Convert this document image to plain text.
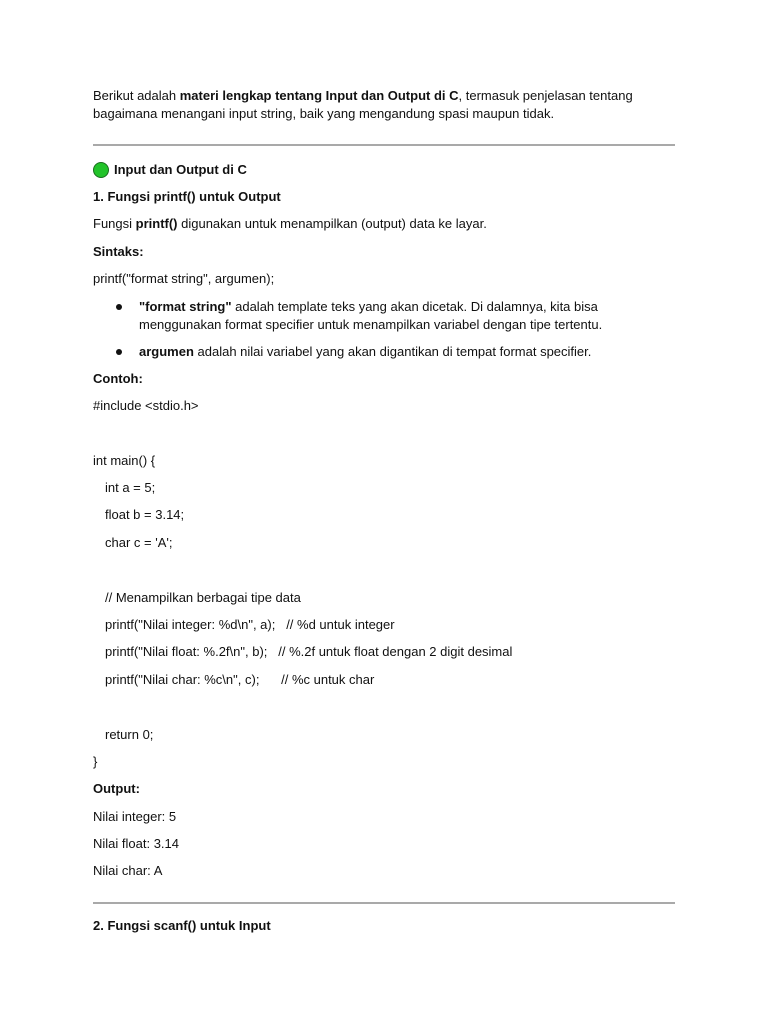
Berikut adalah materi lengkap tentang Input dan Output di C, termasuk penjelasan tentang bagaimana menangani input string, baik yang mengandung spasi maupun tidak.
Input dan Output di C
1. Fungsi printf() untuk Output
Fungsi printf() digunakan untuk menampilkan (output) data ke layar.
Sintaks:
printf("format string", argumen);
"format string" adalah template teks yang akan dicetak. Di dalamnya, kita bisa menggunakan format specifier untuk menampilkan variabel dengan tipe tertentu.
argumen adalah nilai variabel yang akan digantikan di tempat format specifier.
Contoh:
#include <stdio.h>
int main() {
int a = 5;
float b = 3.14;
char c = 'A';
// Menampilkan berbagai tipe data
printf("Nilai integer: %d\n", a);   // %d untuk integer
printf("Nilai float: %.2f\n", b);   // %.2f untuk float dengan 2 digit desimal
printf("Nilai char: %c\n", c);      // %c untuk char
return 0;
}
Output:
Nilai integer: 5
Nilai float: 3.14
Nilai char: A
2. Fungsi scanf() untuk Input
